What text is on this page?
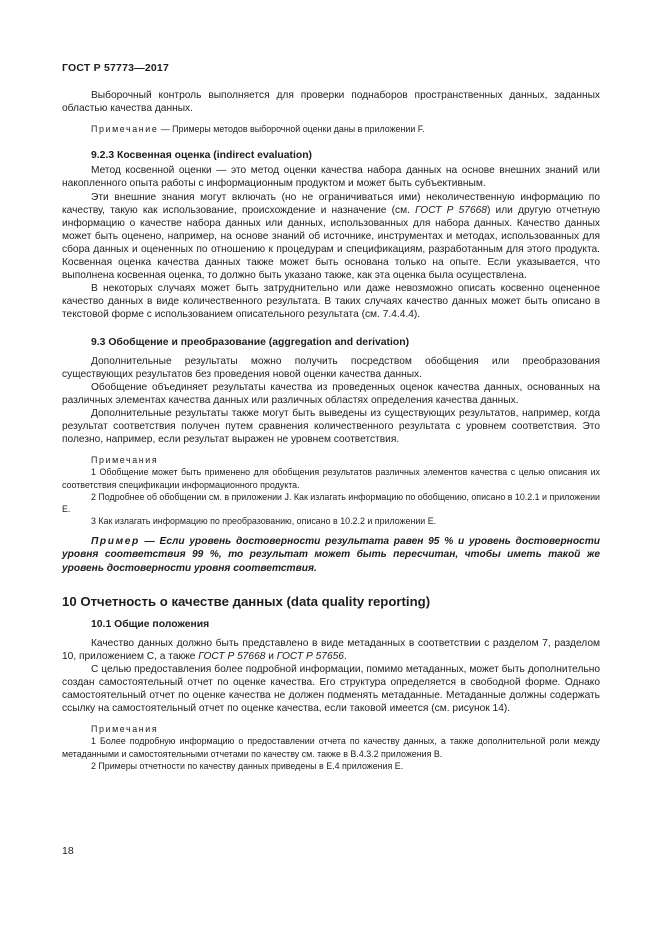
ГОСТ Р 57773—2017

Выборочный контроль выполняется для проверки поднаборов пространственных данных, заданных областью качества данных.

Примечание — Примеры методов выборочной оценки даны в приложении F.

9.2.3 Косвенная оценка (indirect evaluation)

Метод косвенной оценки — это метод оценки качества набора данных на основе внешних знаний или накопленного опыта работы с информационным продуктом и может быть субъективным.

Эти внешние знания могут включать (но не ограничиваться ими) неколичественную информацию по качеству, такую как использование, происхождение и назначение (см. ГОСТ Р 57668) или другую отчетную информацию о качестве набора данных или данных, использованных для набора данных. Качество данных может быть оценено, например, на основе знаний об источнике, инструментах и методах, использованных для сбора данных и оцененных по отношению к процедурам и спецификациям, разработанным для этого продукта. Косвенная оценка качества данных также может быть основана только на опыте. Если указывается, что выполнена косвенная оценка, то должно быть указано также, как эта оценка была осуществлена.

В некоторых случаях может быть затруднительно или даже невозможно описать косвенно оцененное качество данных в виде количественного результата. В таких случаях качество данных может быть описано в текстовой форме с использованием описательного результата (см. 7.4.4.4).

9.3 Обобщение и преобразование (aggregation and derivation)

Дополнительные результаты можно получить посредством обобщения или преобразования существующих результатов без проведения новой оценки качества данных.

Обобщение объединяет результаты качества из проведенных оценок качества данных, основанных на различных элементах качества данных или различных областях определения качества данных.

Дополнительные результаты также могут быть выведены из существующих результатов, например, когда результат соответствия получен путем сравнения количественного результата с уровнем соответствия. Это полезно, например, если результат выражен не уровнем соответствия.

Примечания

1 Обобщение может быть применено для обобщения результатов различных элементов качества с целью описания их соответствия спецификации информационного продукта.

2 Подробнее об обобщении см. в приложении J. Как излагать информацию по обобщению, описано в 10.2.1 и приложении E.

3 Как излагать информацию по преобразованию, описано в 10.2.2 и приложении E.

Пример — Если уровень достоверности результата равен 95 % и уровень достоверности уровня соответствия 99 %, то результат может быть пересчитан, чтобы иметь такой же уровень достоверности уровня соответствия.

10 Отчетность о качестве данных (data quality reporting)
10.1 Общие положения

Качество данных должно быть представлено в виде метаданных в соответствии с разделом 7, разделом 10, приложением C, а также ГОСТ Р 57668 и ГОСТ Р 57656.

С целью предоставления более подробной информации, помимо метаданных, может быть дополнительно создан самостоятельный отчет по оценке качества. Его структура определяется в свободной форме. Однако самостоятельный отчет по оценке качества не должен подменять метаданные. Метаданные должны содержать ссылку на самостоятельный отчет по оценке качества, если таковой имеется (см. рисунок 14).

Примечания

1 Более подробную информацию о предоставлении отчета по качеству данных, а также дополнительной роли между метаданными и самостоятельными отчетами по качеству см. также в B.4.3.2 приложения B.

2 Примеры отчетности по качеству данных приведены в E.4 приложения E.

18
